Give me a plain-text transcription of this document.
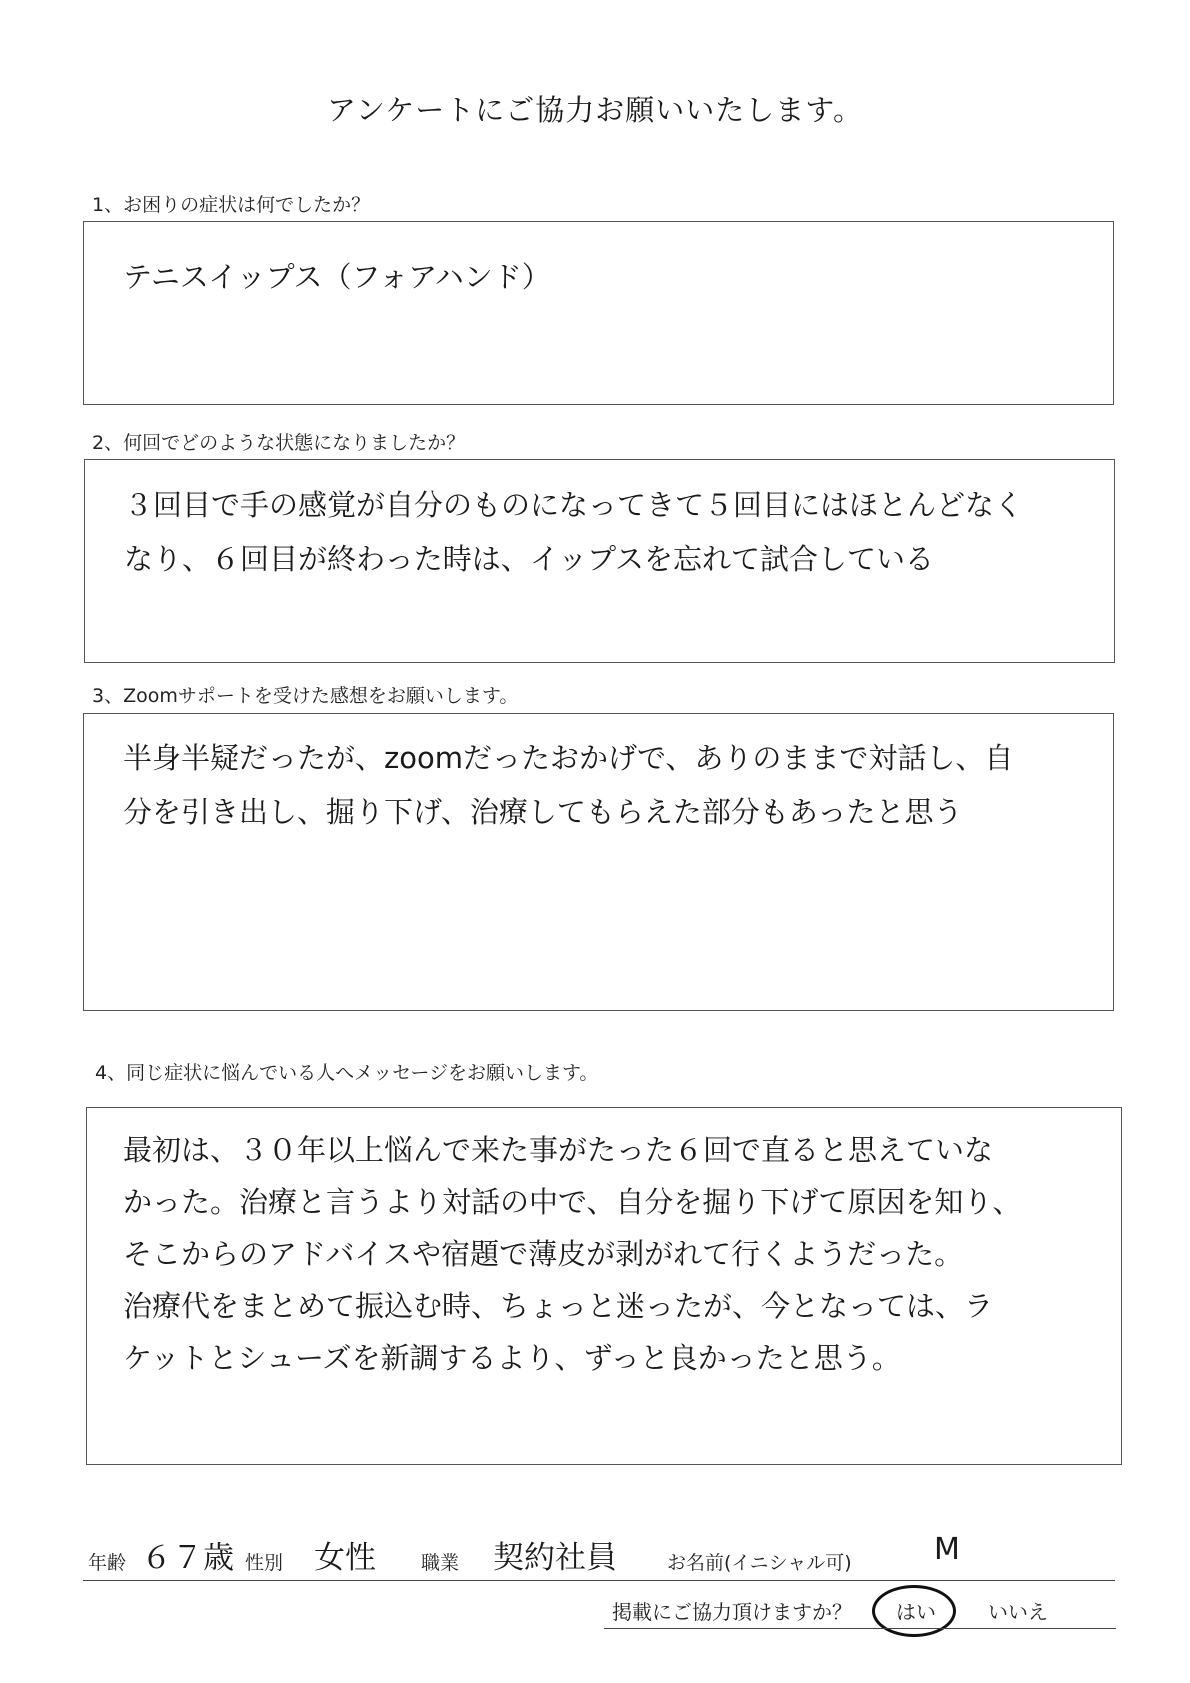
アンケートにご協力お願いいたします。
1、お困りの症状は何でしたか？
テニスイップス（フォアハンド）
2、何回でどのような状態になりましたか？
３回目で手の感覚が自分のものになってきて５回目にはほとんどなく
なり、６回目が終わった時は、イップスを忘れて試合している
3、Zoomサポートを受けた感想をお願いします。
半身半疑だったが、zoomだったおかげで、ありのままで対話し、自
分を引き出し、掘り下げ、治療してもらえた部分もあったと思う
4、同じ症状に悩んでいる人へメッセージをお願いします。
最初は、３０年以上悩んで来た事がたった６回で直ると思えていな
かった。治療と言うより対話の中で、自分を掘り下げて原因を知り、
そこからのアドバイスや宿題で薄皮が剥がれて行くようだった。
治療代をまとめて振込む時、ちょっと迷ったが、今となっては、ラ
ケットとシューズを新調するより、ずっと良かったと思う。
年齢 ６７歳 性別 女性 職業 契約社員	お名前(イニシャル可)	M
掲載にご協力頂けますか？ はい	いいえ
